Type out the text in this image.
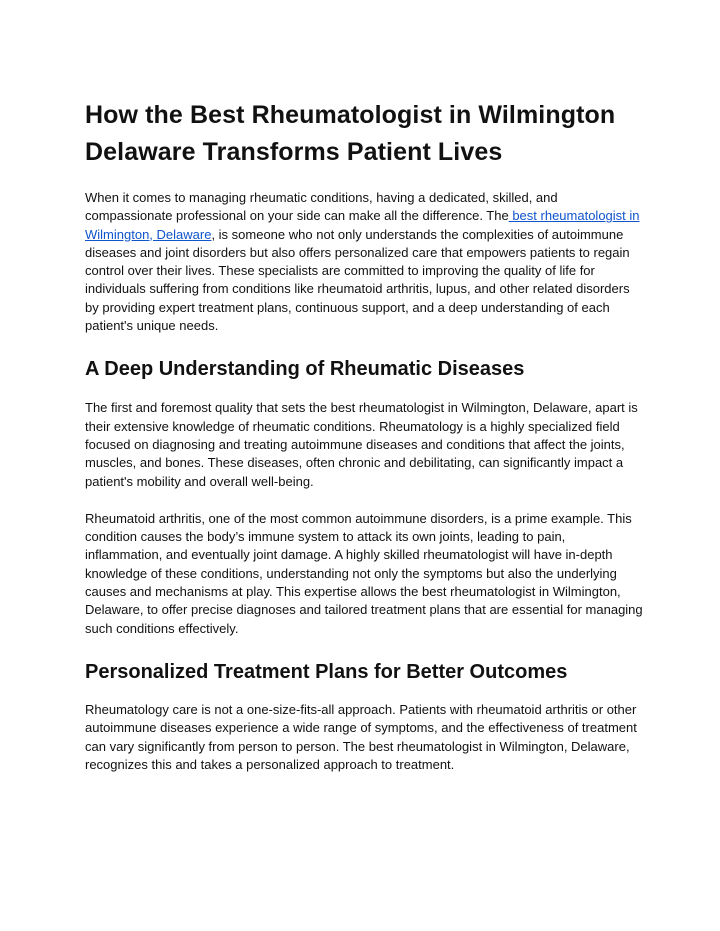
How the Best Rheumatologist in Wilmington Delaware Transforms Patient Lives

When it comes to managing rheumatic conditions, having a dedicated, skilled, and compassionate professional on your side can make all the difference. The best rheumatologist in Wilmington, Delaware, is someone who not only understands the complexities of autoimmune diseases and joint disorders but also offers personalized care that empowers patients to regain control over their lives. These specialists are committed to improving the quality of life for individuals suffering from conditions like rheumatoid arthritis, lupus, and other related disorders by providing expert treatment plans, continuous support, and a deep understanding of each patient's unique needs.

A Deep Understanding of Rheumatic Diseases

The first and foremost quality that sets the best rheumatologist in Wilmington, Delaware, apart is their extensive knowledge of rheumatic conditions. Rheumatology is a highly specialized field focused on diagnosing and treating autoimmune diseases and conditions that affect the joints, muscles, and bones. These diseases, often chronic and debilitating, can significantly impact a patient's mobility and overall well-being.

Rheumatoid arthritis, one of the most common autoimmune disorders, is a prime example. This condition causes the body’s immune system to attack its own joints, leading to pain, inflammation, and eventually joint damage. A highly skilled rheumatologist will have in-depth knowledge of these conditions, understanding not only the symptoms but also the underlying causes and mechanisms at play. This expertise allows the best rheumatologist in Wilmington, Delaware, to offer precise diagnoses and tailored treatment plans that are essential for managing such conditions effectively.

Personalized Treatment Plans for Better Outcomes

Rheumatology care is not a one-size-fits-all approach. Patients with rheumatoid arthritis or other autoimmune diseases experience a wide range of symptoms, and the effectiveness of treatment can vary significantly from person to person. The best rheumatologist in Wilmington, Delaware, recognizes this and takes a personalized approach to treatment.
